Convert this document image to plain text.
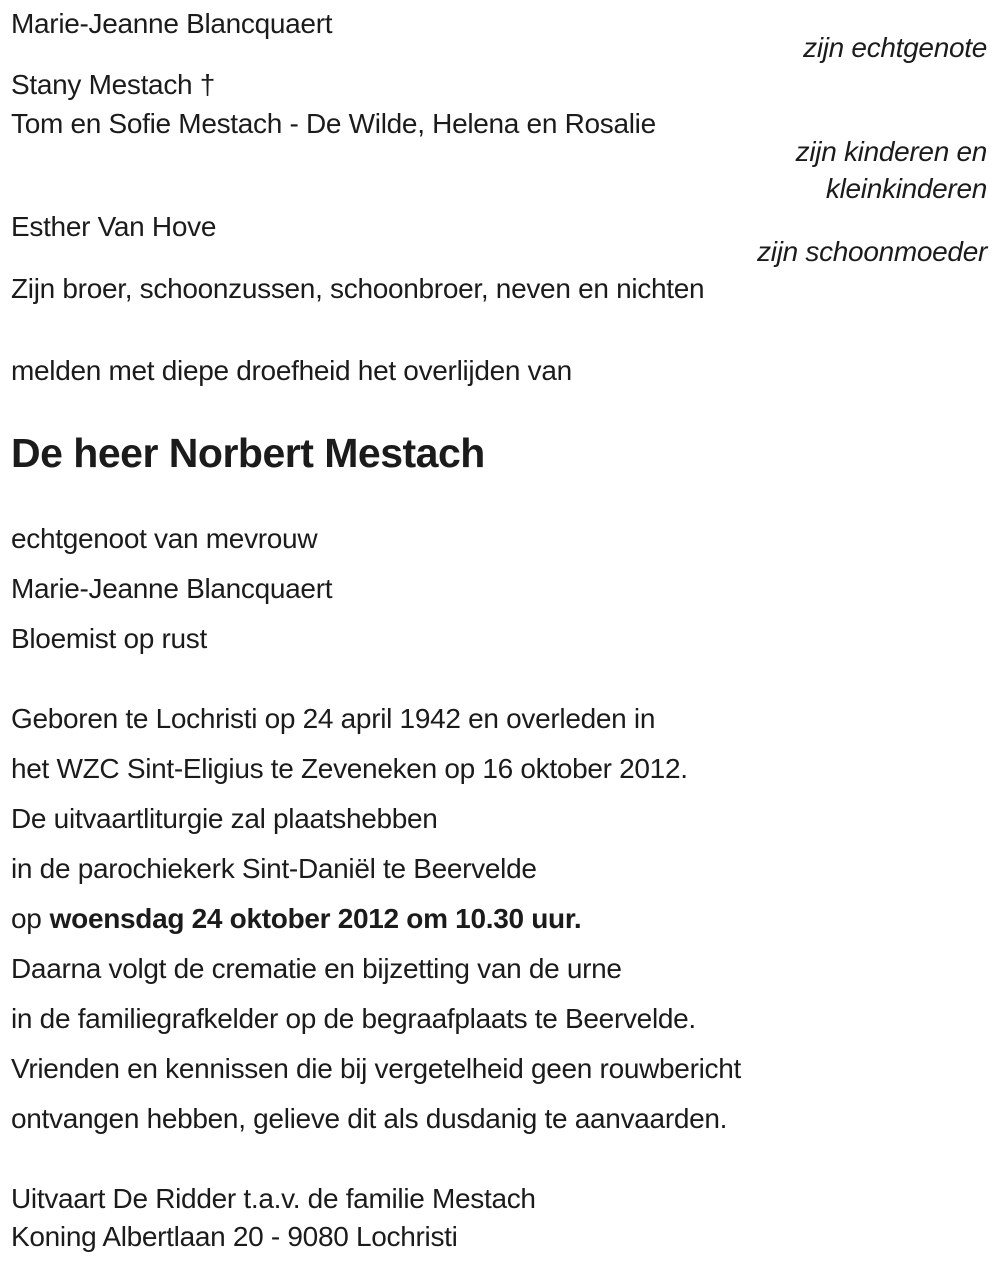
Marie-Jeanne Blancquaert
zijn echtgenote
Stany Mestach †
Tom en Sofie Mestach - De Wilde, Helena en Rosalie
zijn kinderen en
kleinkinderen
Esther Van Hove
zijn schoonmoeder
Zijn broer, schoonzussen, schoonbroer, neven en nichten
melden met diepe droefheid het overlijden van
De heer Norbert Mestach
echtgenoot van mevrouw
Marie-Jeanne Blancquaert
Bloemist op rust
Geboren te Lochristi op 24 april 1942 en overleden in
het WZC Sint-Eligius te Zeveneken op 16 oktober 2012.
De uitvaartliturgie zal plaatshebben
in de parochiekerk Sint-Daniël te Beervelde
op woensdag 24 oktober 2012 om 10.30 uur.
Daarna volgt de crematie en bijzetting van de urne
in de familiegrafkelder op de begraafplaats te Beervelde.
Vrienden en kennissen die bij vergetelheid geen rouwbericht
ontvangen hebben, gelieve dit als dusdanig te aanvaarden.
Uitvaart De Ridder t.a.v. de familie Mestach
Koning Albertlaan 20 - 9080 Lochristi
